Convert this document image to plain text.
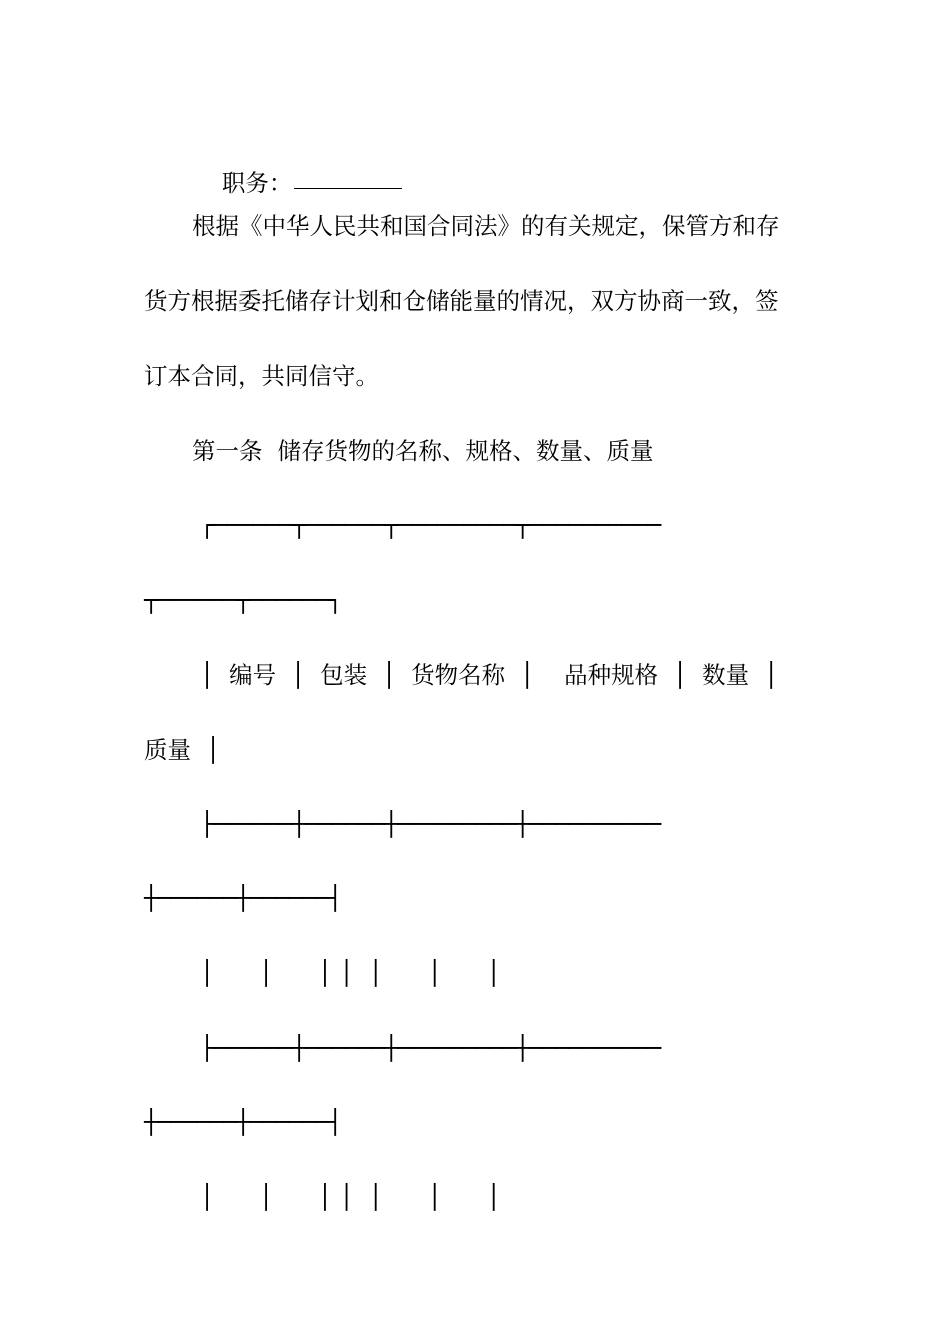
职务：

根据《中华人民共和国合同法》的有关规定，保管方和存
货方根据委托储存计划和仓储能量的情况，双方协商一致，签
订本合同，共同信守。
第一条  储存货物的名称、规格、数量、质量
┌──────┬──────┬─────────┬──────────
┬──────┬──────┐
│  编号  │  包装  │  货物名称  │    品种规格  │  数量  │
质量  │
├──────┼──────┼─────────┼──────────
┼──────┼──────┤
│      │      │ │  │      │      │
├──────┼──────┼─────────┼──────────
┼──────┼──────┤
│      │      │ │  │      │      │
